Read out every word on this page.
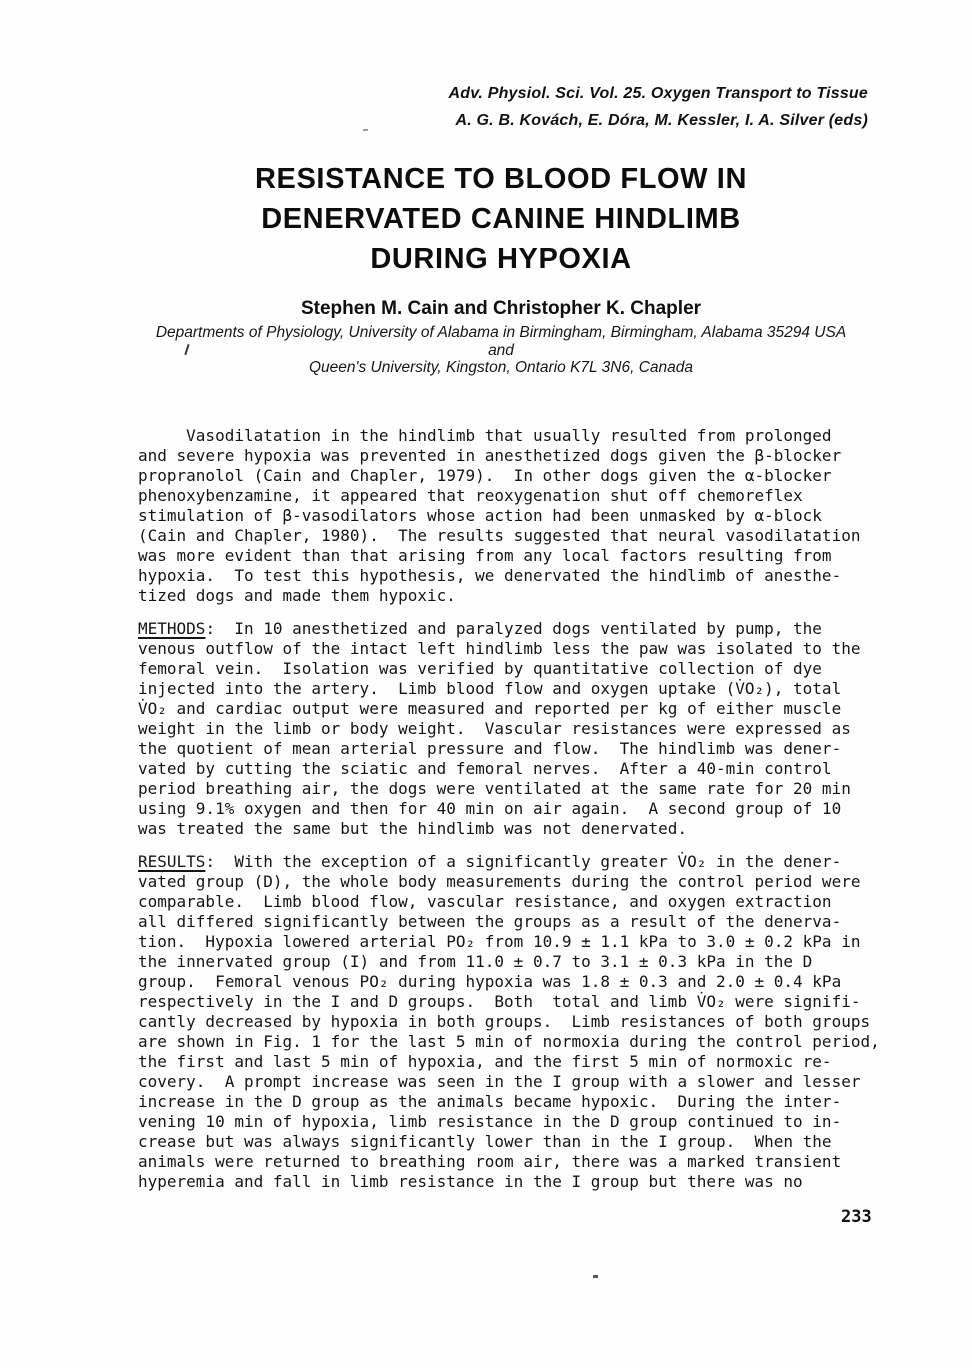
Adv. Physiol. Sci. Vol. 25. Oxygen Transport to Tissue
A. G. B. Kovách, E. Dóra, M. Kessler, I. A. Silver (eds)
RESISTANCE TO BLOOD FLOW IN
DENERVATED CANINE HINDLIMB
DURING HYPOXIA
Stephen M. Cain and Christopher K. Chapler
Departments of Physiology, University of Alabama in Birmingham, Birmingham, Alabama 35294 USA
and
Queen's University, Kingston, Ontario K7L 3N6, Canada
Vasodilatation in the hindlimb that usually resulted from prolonged
and severe hypoxia was prevented in anesthetized dogs given the β-blocker
propranolol (Cain and Chapler, 1979).  In other dogs given the α-blocker
phenoxybenzamine, it appeared that reoxygenation shut off chemoreflex
stimulation of β-vasodilators whose action had been unmasked by α-block
(Cain and Chapler, 1980).  The results suggested that neural vasodilatation
was more evident than that arising from any local factors resulting from
hypoxia.  To test this hypothesis, we denervated the hindlimb of anesthe-
tized dogs and made them hypoxic.
METHODS:  In 10 anesthetized and paralyzed dogs ventilated by pump, the
venous outflow of the intact left hindlimb less the paw was isolated to the
femoral vein.  Isolation was verified by quantitative collection of dye
injected into the artery.  Limb blood flow and oxygen uptake (V̇O₂), total
V̇O₂ and cardiac output were measured and reported per kg of either muscle
weight in the limb or body weight.  Vascular resistances were expressed as
the quotient of mean arterial pressure and flow.  The hindlimb was dener-
vated by cutting the sciatic and femoral nerves.  After a 40-min control
period breathing air, the dogs were ventilated at the same rate for 20 min
using 9.1% oxygen and then for 40 min on air again.  A second group of 10
was treated the same but the hindlimb was not denervated.
RESULTS:  With the exception of a significantly greater V̇O₂ in the dener-
vated group (D), the whole body measurements during the control period were
comparable.  Limb blood flow, vascular resistance, and oxygen extraction
all differed significantly between the groups as a result of the denerva-
tion.  Hypoxia lowered arterial PO₂ from 10.9 ± 1.1 kPa to 3.0 ± 0.2 kPa in
the innervated group (I) and from 11.0 ± 0.7 to 3.1 ± 0.3 kPa in the D
group.  Femoral venous PO₂ during hypoxia was 1.8 ± 0.3 and 2.0 ± 0.4 kPa
respectively in the I and D groups.  Both  total and limb V̇O₂ were signifi-
cantly decreased by hypoxia in both groups.  Limb resistances of both groups
are shown in Fig. 1 for the last 5 min of normoxia during the control period,
the first and last 5 min of hypoxia, and the first 5 min of normoxic re-
covery.  A prompt increase was seen in the I group with a slower and lesser
increase in the D group as the animals became hypoxic.  During the inter-
vening 10 min of hypoxia, limb resistance in the D group continued to in-
crease but was always significantly lower than in the I group.  When the
animals were returned to breathing room air, there was a marked transient
hyperemia and fall in limb resistance in the I group but there was no
233
